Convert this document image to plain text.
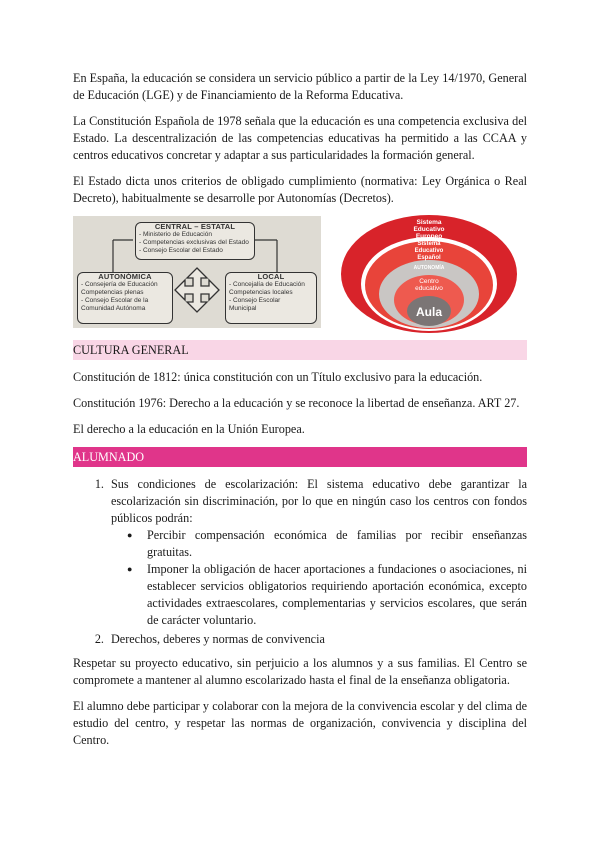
En España, la educación se considera un servicio público a partir de la Ley 14/1970, General de Educación (LGE) y de Financiamiento de la Reforma Educativa.

La Constitución Española de 1978 señala que la educación es una competencia exclusiva del Estado. La descentralización de las competencias educativas ha permitido a las CCAA y centros educativos concretar y adaptar a sus particularidades la formación general.

El Estado dicta unos criterios de obligado cumplimiento (normativa: Ley Orgánica o Real Decreto), habitualmente se desarrolle por Autonomías (Decretos).

CENTRAL – ESTATAL
- Ministerio de Educación
- Competencias exclusivas del Estado
- Consejo Escolar del Estado
AUTONÓMICA
- Consejería de Educación
Competencias plenas
- Consejo Escolar de la
Comunidad Autónoma
LOCAL
- Concejalía de Educación
Competencias locales
- Consejo Escolar
Municipal
Sistema
Educativo
Europeo
Sistema
Educativo
Español
AUTONOMÍA
Centro
educativo
Aula
CULTURA GENERAL

Constitución de 1812: única constitución con un Título exclusivo para la educación.

Constitución 1976: Derecho a la educación y se reconoce la libertad de enseñanza. ART 27.

El derecho a la educación en la Unión Europea.

ALUMNADO
1. Sus condiciones de escolarización: El sistema educativo debe garantizar la escolarización sin discriminación, por lo que en ningún caso los centros con fondos públicos podrán:
● Percibir compensación económica de familias por recibir enseñanzas gratuitas.
● Imponer la obligación de hacer aportaciones a fundaciones o asociaciones, ni establecer servicios obligatorios requiriendo aportación económica, excepto actividades extraescolares, complementarias y servicios escolares, que serán de carácter voluntario.
2. Derechos, deberes y normas de convivencia

Respetar su proyecto educativo, sin perjuicio a los alumnos y a sus familias. El Centro se compromete a mantener al alumno escolarizado hasta el final de la enseñanza obligatoria.

El alumno debe participar y colaborar con la mejora de la convivencia escolar y del clima de estudio del centro, y respetar las normas de organización, convivencia y disciplina del Centro.
